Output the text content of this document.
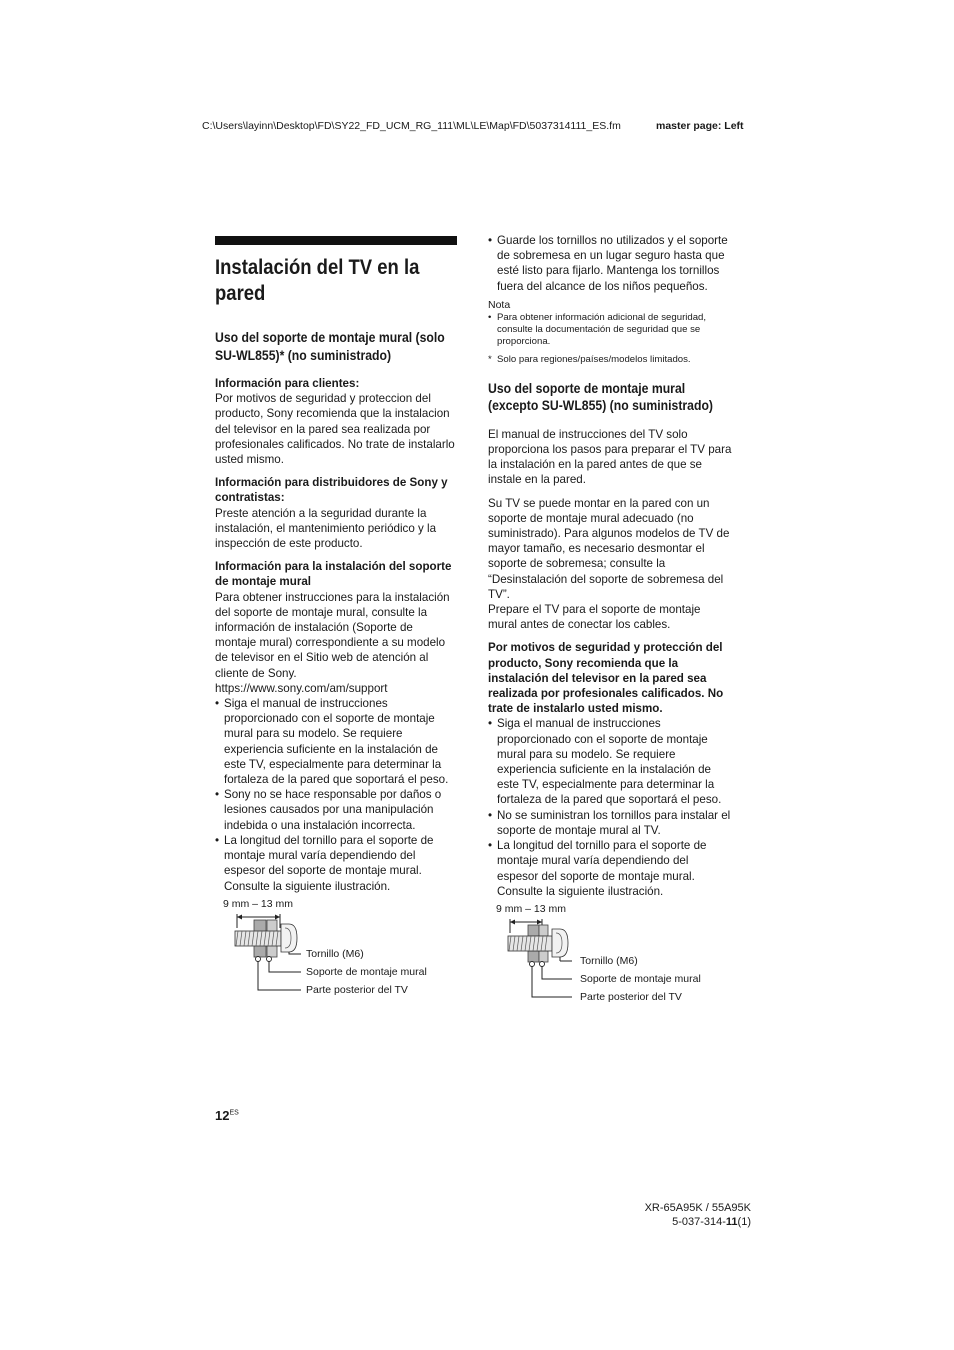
C:\Users\layinn\Desktop\FD\SY22_FD_UCM_RG_111\ML\LE\Map\FD\5037314111_ES.fm	master page: Left
Instalación del TV en la pared
Uso del soporte de montaje mural (solo SU-WL855)* (no suministrado)

Información para clientes:

Por motivos de seguridad y proteccion del producto, Sony recomienda que la instalacion del televisor en la pared sea realizada por profesionales calificados. No trate de instalarlo usted mismo.

Información para distribuidores de Sony y contratistas:

Preste atención a la seguridad durante la instalación, el mantenimiento periódico y la inspección de este producto.

Información para la instalación del soporte de montaje mural

Para obtener instrucciones para la instalación del soporte de montaje mural, consulte la información de instalación (Soporte de montaje mural) correspondiente a su modelo de televisor en el Sitio web de atención al cliente de Sony.

https://www.sony.com/am/support

• Siga el manual de instrucciones proporcionado con el soporte de montaje mural para su modelo. Se requiere experiencia suficiente en la instalación de este TV, especialmente para determinar la fortaleza de la pared que soportará el peso.
• Sony no se hace responsable por daños o lesiones causados por una manipulación indebida o una instalación incorrecta.
• La longitud del tornillo para el soporte de montaje mural varía dependiendo del espesor del soporte de montaje mural. Consulte la siguiente ilustración.
9 mm – 13 mm
Tornillo (M6)
Soporte de montaje mural
Parte posterior del TV
• Guarde los tornillos no utilizados y el soporte de sobremesa en un lugar seguro hasta que esté listo para fijarlo. Mantenga los tornillos fuera del alcance de los niños pequeños.

Nota

• Para obtener información adicional de seguridad, consulte la documentación de seguridad que se proporciona.
* Solo para regiones/países/modelos limitados.
Uso del soporte de montaje mural (excepto SU-WL855) (no suministrado)

El manual de instrucciones del TV solo proporciona los pasos para preparar el TV para la instalación en la pared antes de que se instale en la pared.

Su TV se puede montar en la pared con un soporte de montaje mural adecuado (no suministrado). Para algunos modelos de TV de mayor tamaño, es necesario desmontar el soporte de sobremesa; consulte la “Desinstalación del soporte de sobremesa del TV”.

Prepare el TV para el soporte de montaje mural antes de conectar los cables.

Por motivos de seguridad y protección del producto, Sony recomienda que la instalación del televisor en la pared sea realizada por profesionales calificados. No trate de instalarlo usted mismo.

• Siga el manual de instrucciones proporcionado con el soporte de montaje mural para su modelo. Se requiere experiencia suficiente en la instalación de este TV, especialmente para determinar la fortaleza de la pared que soportará el peso.
• No se suministran los tornillos para instalar el soporte de montaje mural al TV.
• La longitud del tornillo para el soporte de montaje mural varía dependiendo del espesor del soporte de montaje mural. Consulte la siguiente ilustración.
9 mm – 13 mm
Tornillo (M6)
Soporte de montaje mural
Parte posterior del TV
$12^{ES}$
XR-65A95K / 55A95K
5-037-314-11(1)
